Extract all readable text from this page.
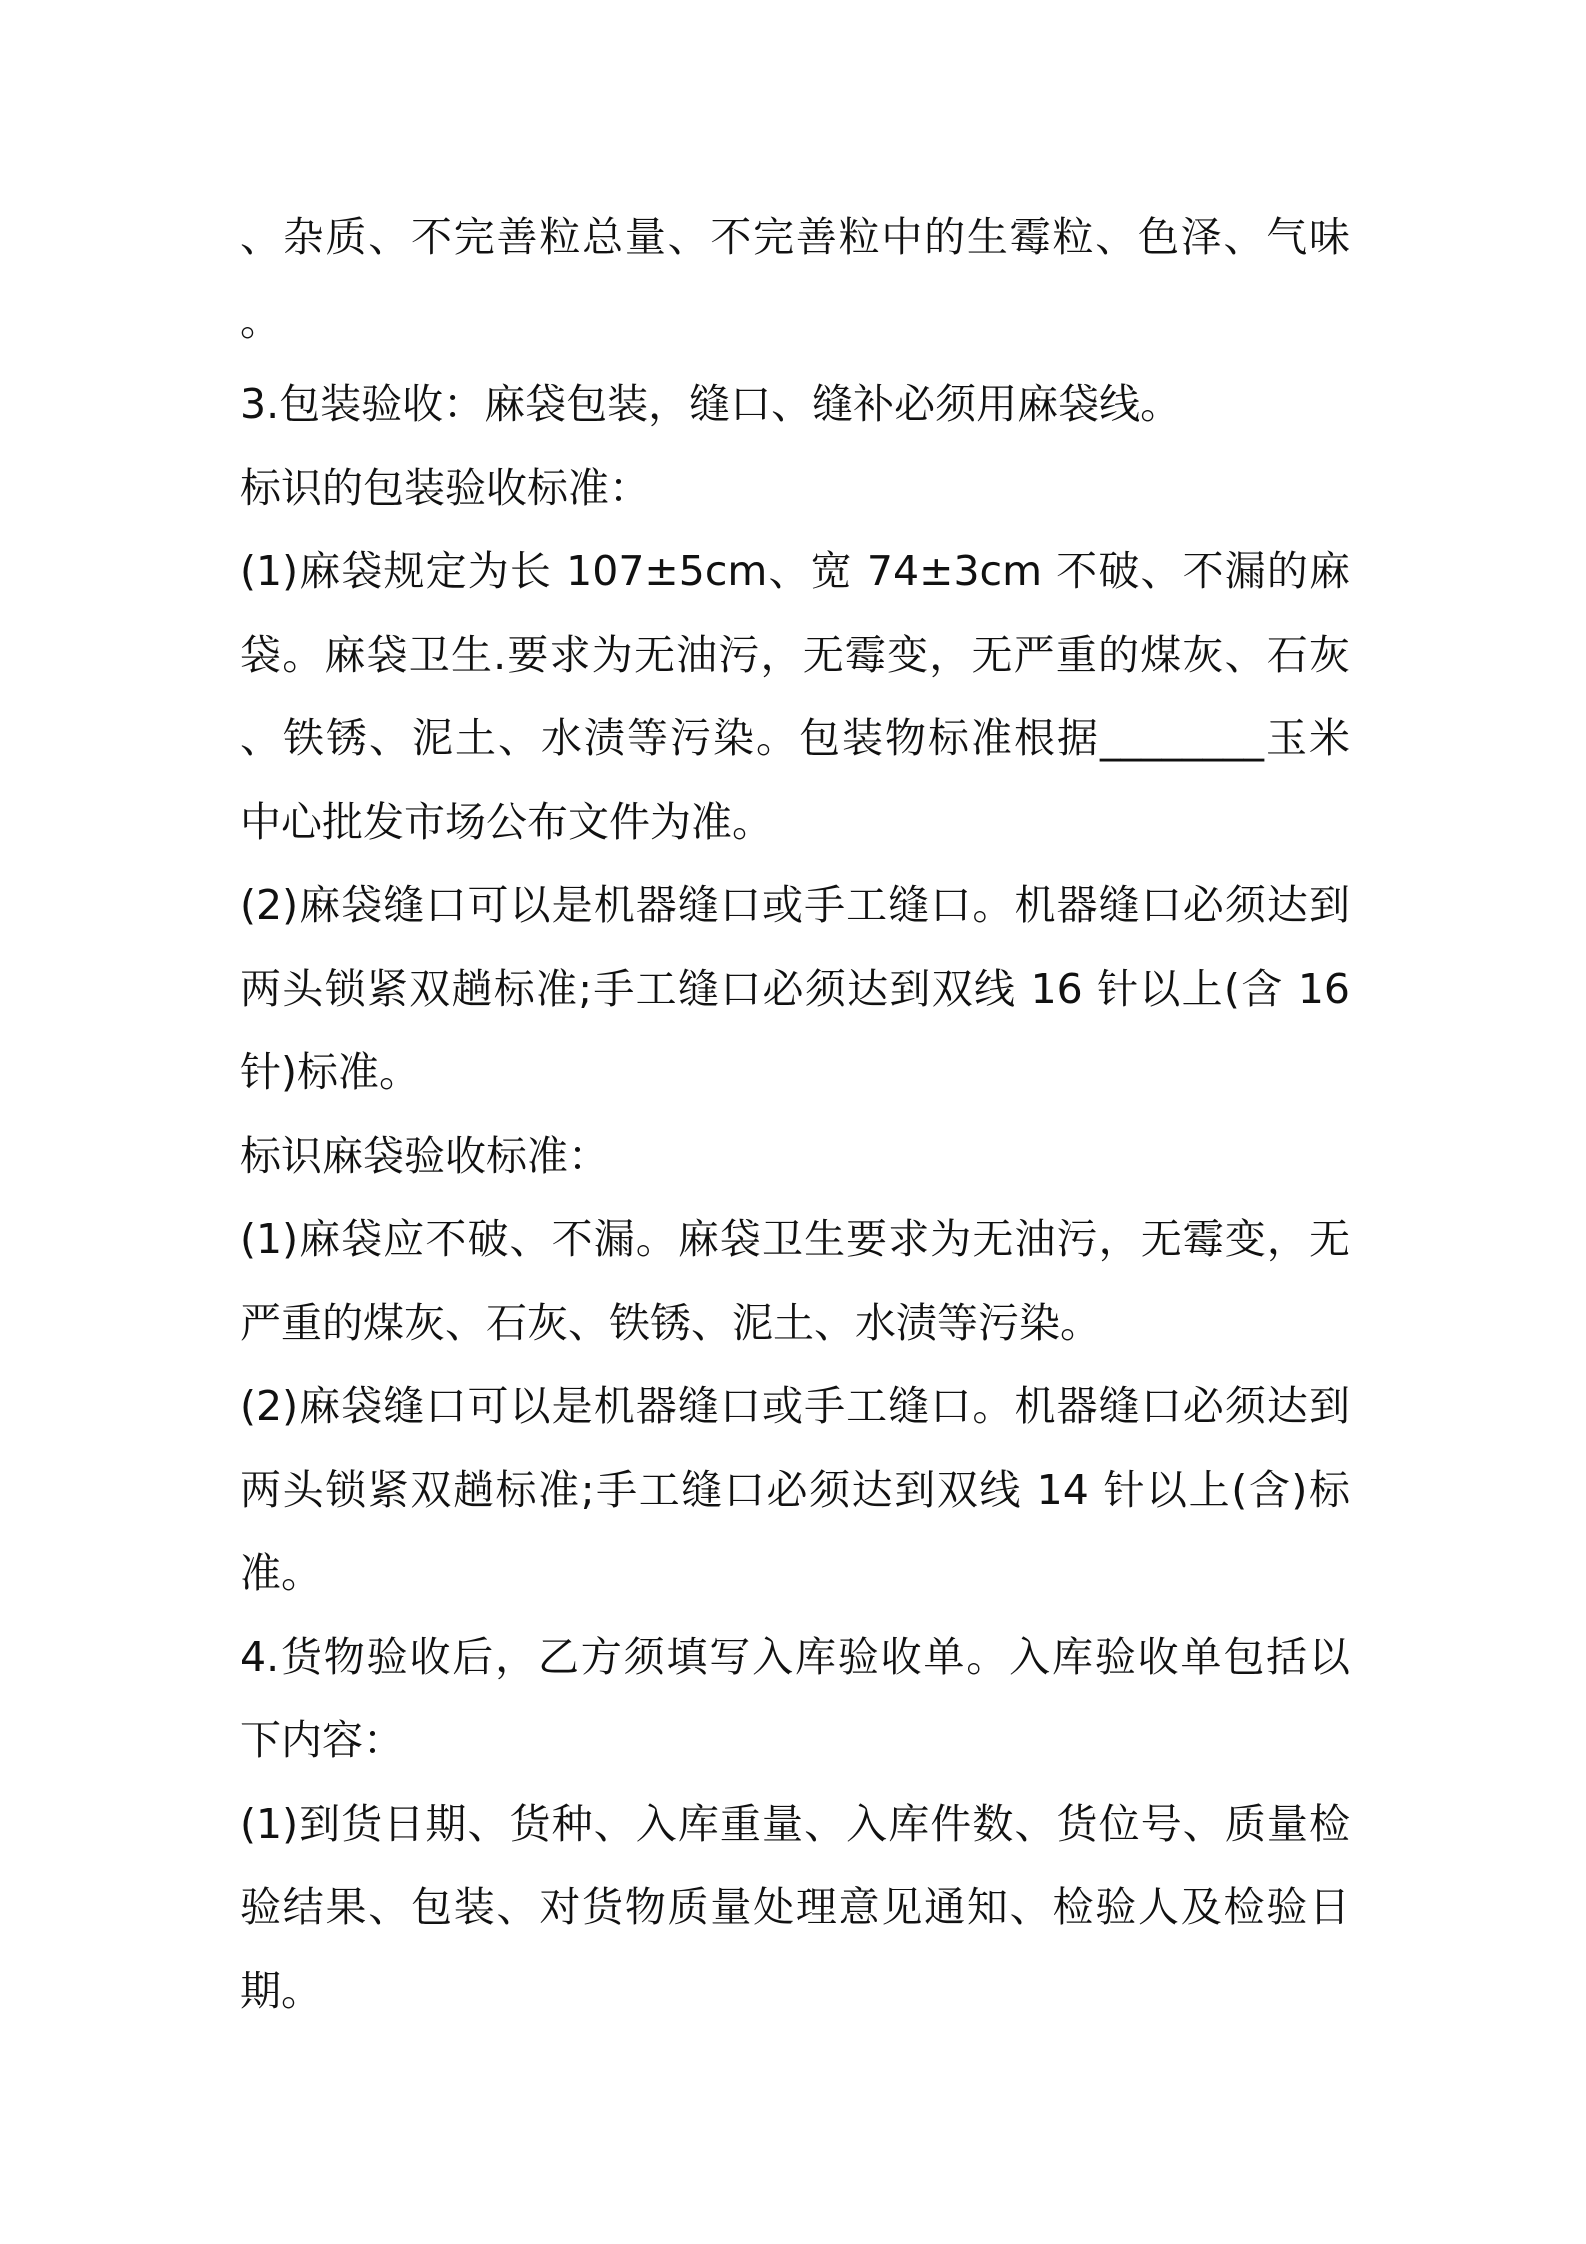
、杂质、不完善粒总量、不完善粒中的生霉粒、色泽、气味
。
3.包装验收：麻袋包装，缝口、缝补必须用麻袋线。
标识的包装验收标准：
(1)麻袋规定为长 107±5cm、宽 74±3cm 不破、不漏的麻
袋。麻袋卫生.要求为无油污，无霉变，无严重的煤灰、石灰
、铁锈、泥土、水渍等污染。包装物标准根据________玉米
中心批发市场公布文件为准。
(2)麻袋缝口可以是机器缝口或手工缝口。机器缝口必须达到
两头锁紧双趟标准;手工缝口必须达到双线 16 针以上(含 16
针)标准。
标识麻袋验收标准：
(1)麻袋应不破、不漏。麻袋卫生要求为无油污，无霉变，无
严重的煤灰、石灰、铁锈、泥土、水渍等污染。
(2)麻袋缝口可以是机器缝口或手工缝口。机器缝口必须达到
两头锁紧双趟标准;手工缝口必须达到双线 14 针以上(含)标
准。
4.货物验收后，乙方须填写入库验收单。入库验收单包括以
下内容：
(1)到货日期、货种、入库重量、入库件数、货位号、质量检
验结果、包装、对货物质量处理意见通知、检验人及检验日
期。
